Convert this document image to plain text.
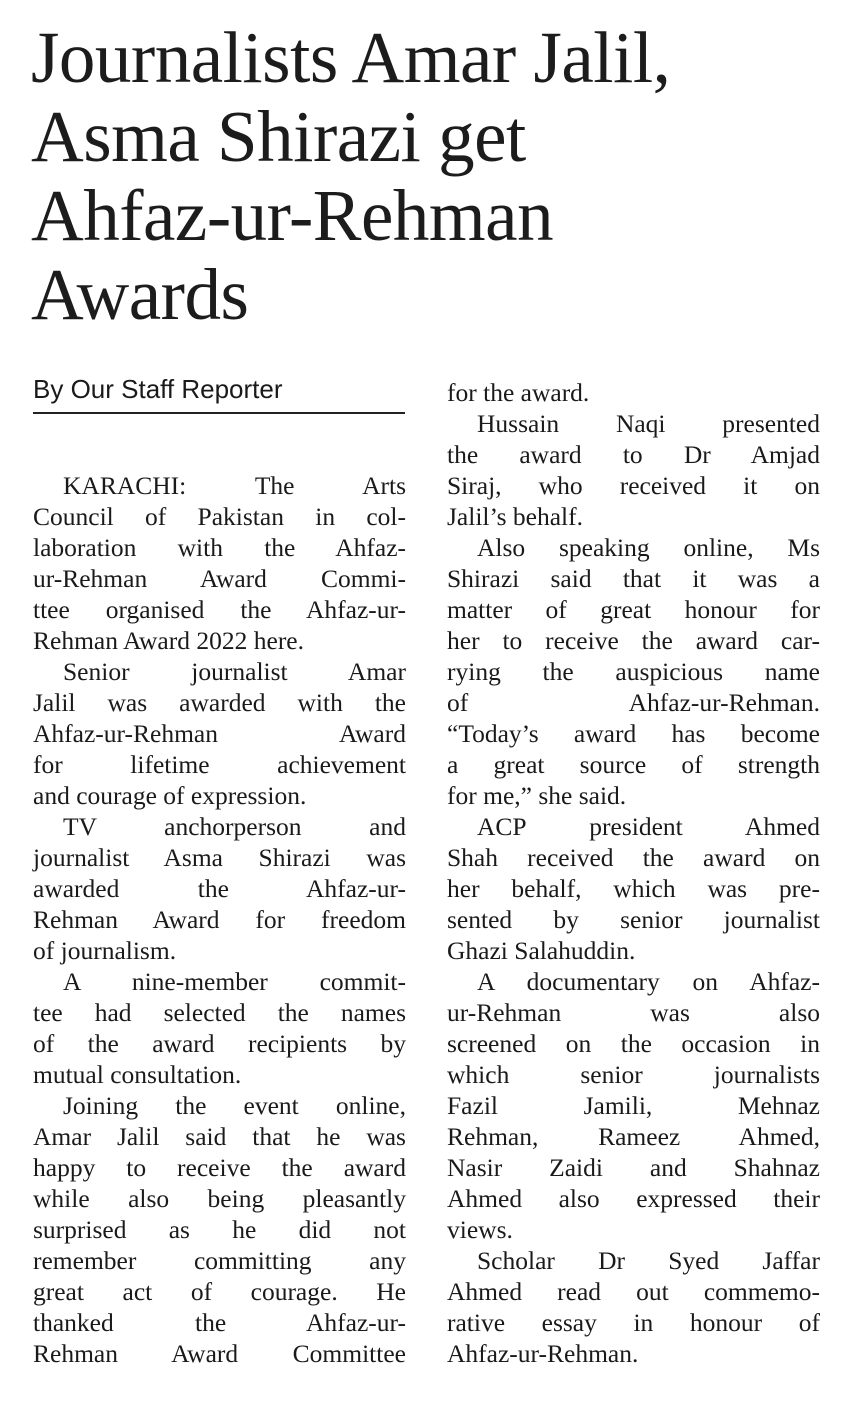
Journalists Amar Jalil,
Asma Shirazi get
Ahfaz-ur-Rehman
Awards
By Our Staff Reporter
KARACHI: The Arts
Council of Pakistan in col-
laboration with the Ahfaz-
ur-Rehman Award Commi-
ttee organised the Ahfaz-ur-
Rehman Award 2022 here.
Senior journalist Amar
Jalil was awarded with the
Ahfaz-ur-Rehman Award
for lifetime achievement
and courage of expression.
TV anchorperson and
journalist Asma Shirazi was
awarded the Ahfaz-ur-
Rehman Award for freedom
of journalism.
A nine-member commit-
tee had selected the names
of the award recipients by
mutual consultation.
Joining the event online,
Amar Jalil said that he was
happy to receive the award
while also being pleasantly
surprised as he did not
remember committing any
great act of courage. He
thanked the Ahfaz-ur-
Rehman Award Committee
for the award.
Hussain Naqi presented
the award to Dr Amjad
Siraj, who received it on
Jalil’s behalf.
Also speaking online, Ms
Shirazi said that it was a
matter of great honour for
her to receive the award car-
rying the auspicious name
of Ahfaz-ur-Rehman.
“Today’s award has become
a great source of strength
for me,” she said.
ACP president Ahmed
Shah received the award on
her behalf, which was pre-
sented by senior journalist
Ghazi Salahuddin.
A documentary on Ahfaz-
ur-Rehman was also
screened on the occasion in
which senior journalists
Fazil Jamili, Mehnaz
Rehman, Rameez Ahmed,
Nasir Zaidi and Shahnaz
Ahmed also expressed their
views.
Scholar Dr Syed Jaffar
Ahmed read out commemo-
rative essay in honour of
Ahfaz-ur-Rehman.
